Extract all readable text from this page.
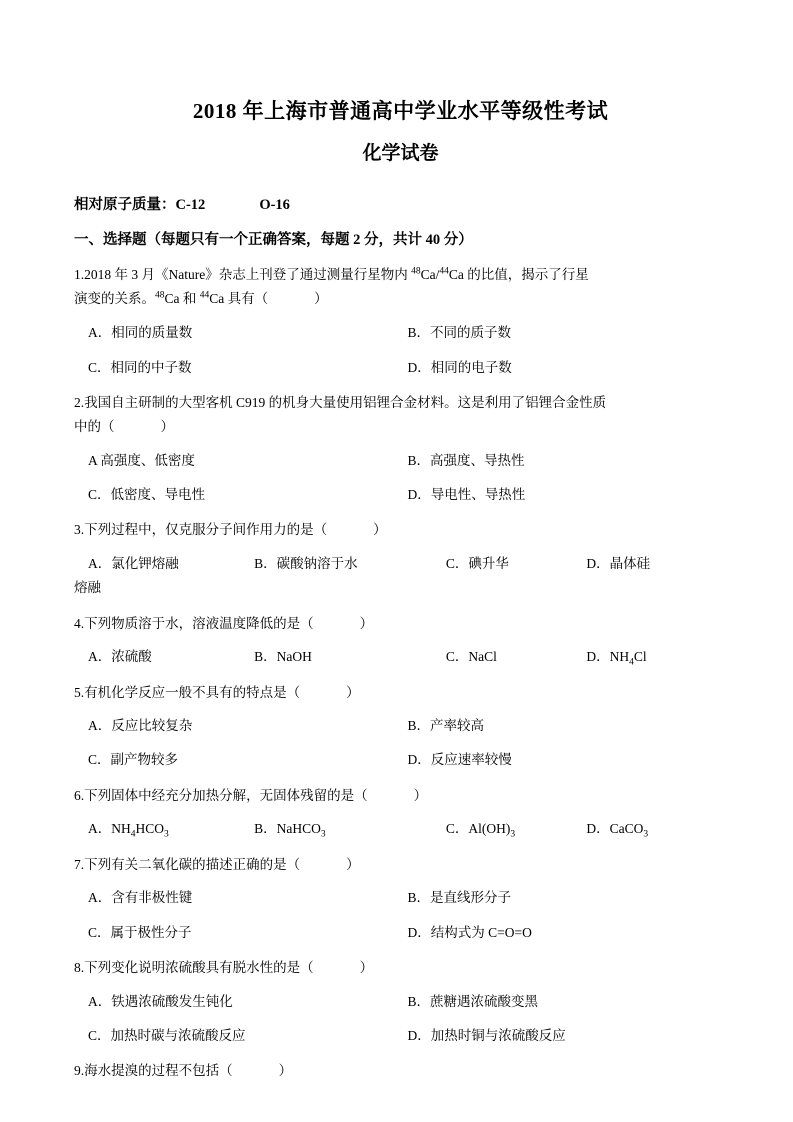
2018 年上海市普通高中学业水平等级性考试
化学试卷
相对原子质量：C-12	O-16
一、选择题（每题只有一个正确答案，每题 2 分，共计 40 分）
1.2018 年 3 月《Nature》杂志上刊登了通过测量行星物内 $^{48}$Ca/$^{44}$Ca 的比值，揭示了行星
演变的关系。$^{48}$Ca 和 $^{44}$Ca 具有（	）
A．相同的质量数	B．不同的质子数
C．相同的中子数	D．相同的电子数
2.我国自主研制的大型客机 C919 的机身大量使用铝锂合金材料。这是利用了铝锂合金性质
中的（	）
A 高强度、低密度	B．高强度、导热性
C．低密度、导电性	D．导电性、导热性
3.下列过程中，仅克服分子间作用力的是（	）
A．氯化钾熔融	B．碳酸钠溶于水	C．碘升华	D．晶体硅
熔融
4.下列物质溶于水，溶液温度降低的是（	）
A．浓硫酸	B．NaOH	C．NaCl	D．$NH_4Cl$
5.有机化学反应一般不具有的特点是（	）
A．反应比较复杂	B．产率较高
C．副产物较多	D．反应速率较慢
6.下列固体中经充分加热分解，无固体残留的是（	）
A．$NH_4HCO_3$	B．NaHCO$_3$	C．$Al(OH)_3$	D．CaCO$_3$
7.下列有关二氧化碳的描述正确的是（	）
A．含有非极性键	B．是直线形分子
C．属于极性分子	D．结构式为 C=O=O
8.下列变化说明浓硫酸具有脱水性的是（	）
A．铁遇浓硫酸发生钝化	B．蔗糖遇浓硫酸变黑
C．加热时碳与浓硫酸反应	D．加热时铜与浓硫酸反应
9.海水提溴的过程不包括（	）
